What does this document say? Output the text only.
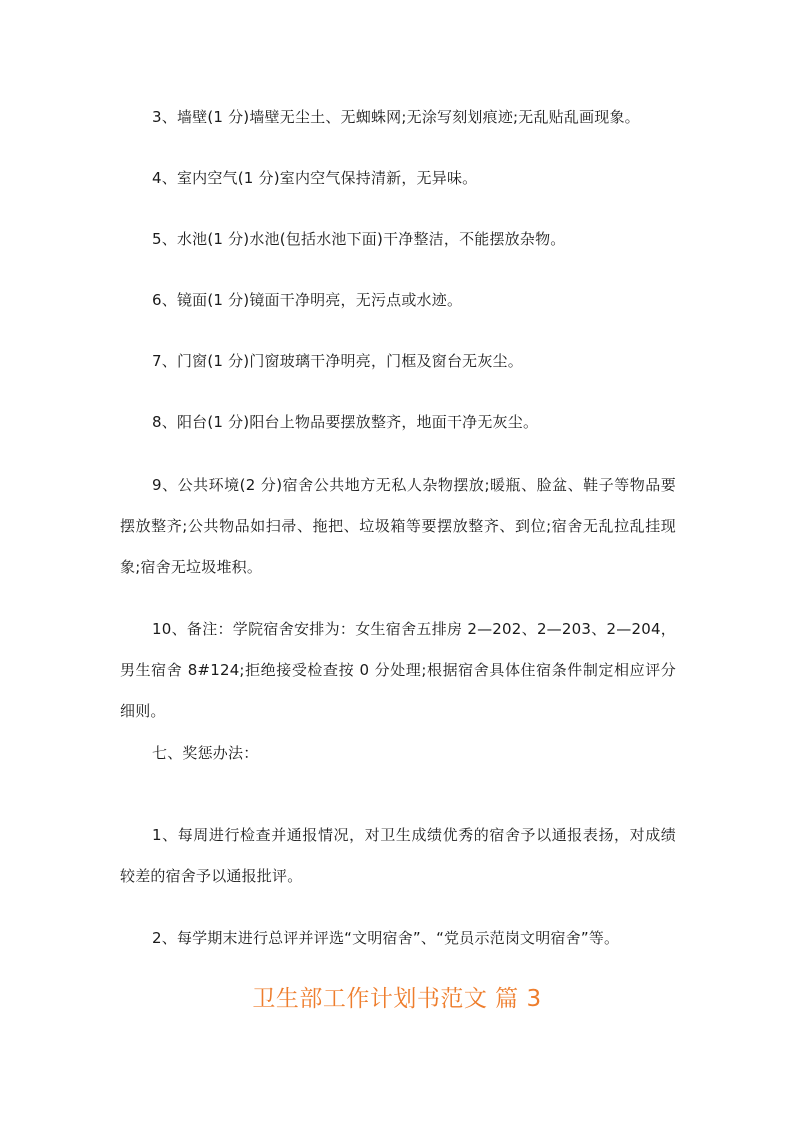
3、墙壁(1 分)墙壁无尘土、无蜘蛛网;无涂写刻划痕迹;无乱贴乱画现象。

4、室内空气(1 分)室内空气保持清新，无异味。

5、水池(1 分)水池(包括水池下面)干净整洁，不能摆放杂物。

6、镜面(1 分)镜面干净明亮，无污点或水迹。

7、门窗(1 分)门窗玻璃干净明亮，门框及窗台无灰尘。

8、阳台(1 分)阳台上物品要摆放整齐，地面干净无灰尘。

9、公共环境(2 分)宿舍公共地方无私人杂物摆放;暖瓶、脸盆、鞋子等物品要摆放整齐;公共物品如扫帚、拖把、垃圾箱等要摆放整齐、到位;宿舍无乱拉乱挂现象;宿舍无垃圾堆积。

10、备注：学院宿舍安排为：女生宿舍五排房 2—202、2—203、2—204，男生宿舍 8#124;拒绝接受检查按 0 分处理;根据宿舍具体住宿条件制定相应评分细则。

七、奖惩办法：

1、每周进行检查并通报情况，对卫生成绩优秀的宿舍予以通报表扬，对成绩较差的宿舍予以通报批评。

2、每学期末进行总评并评选“文明宿舍”、“党员示范岗文明宿舍”等。

卫生部工作计划书范文 篇 3
